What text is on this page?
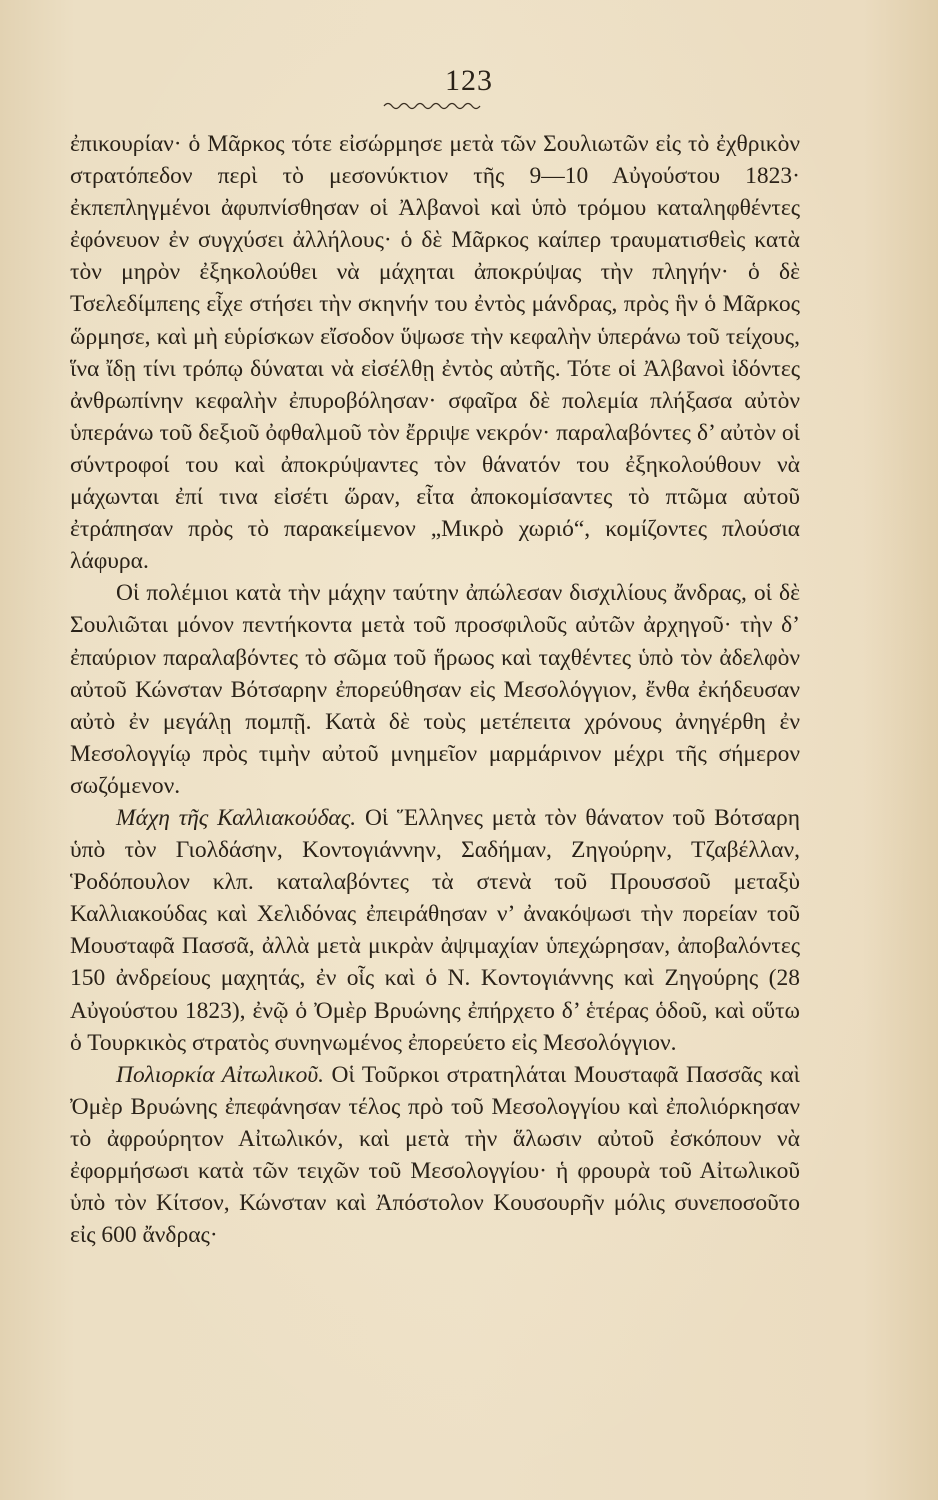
123

ἐπικουρίαν· ὁ Μᾶρκος τότε εἰσώρμησε μετὰ τῶν Σουλιωτῶν εἰς τὸ ἐχθρικὸν στρατόπεδον περὶ τὸ μεσονύκτιον τῆς 9—10 Αὐγούστου 1823· ἐκπεπληγμένοι ἀφυπνίσθησαν οἱ Ἀλβανοὶ καὶ ὑπὸ τρόμου καταληφθέντες ἐφόνευον ἐν συγχύσει ἀλλήλους· ὁ δὲ Μᾶρκος καίπερ τραυματισθεὶς κατὰ τὸν μηρὸν ἐξηκολούθει νὰ μάχηται ἀποκρύψας τὴν πληγήν· ὁ δὲ Τσελεδίμπεης εἶχε στήσει τὴν σκηνήν του ἐντὸς μάνδρας, πρὸς ἣν ὁ Μᾶρκος ὥρμησε, καὶ μὴ εὑρίσκων εἴσοδον ὕψωσε τὴν κεφαλὴν ὑπεράνω τοῦ τείχους, ἵνα ἴδῃ τίνι τρόπῳ δύναται νὰ εἰσέλθῃ ἐντὸς αὐτῆς. Τότε οἱ Ἀλβανοὶ ἰδόντες ἀνθρωπίνην κεφαλὴν ἐπυροβόλησαν· σφαῖρα δὲ πολεμία πλήξασα αὐτὸν ὑπεράνω τοῦ δεξιοῦ ὀφθαλμοῦ τὸν ἔρριψε νεκρόν· παραλαβόντες δ’ αὐτὸν οἱ σύντροφοί του καὶ ἀποκρύψαντες τὸν θάνατόν του ἐξηκολούθουν νὰ μάχωνται ἐπί τινα εἰσέτι ὥραν, εἶτα ἀποκομίσαντες τὸ πτῶμα αὐτοῦ ἐτράπησαν πρὸς τὸ παρακείμενον „Μικρὸ χωριό“, κομίζοντες πλούσια λάφυρα.

Οἱ πολέμιοι κατὰ τὴν μάχην ταύτην ἀπώλεσαν δισχιλίους ἄνδρας, οἱ δὲ Σουλιῶται μόνον πεντήκοντα μετὰ τοῦ προσφιλοῦς αὐτῶν ἀρχηγοῦ· τὴν δ’ ἐπαύριον παραλαβόντες τὸ σῶμα τοῦ ἥρωος καὶ ταχθέντες ὑπὸ τὸν ἀδελφὸν αὐτοῦ Κώνσταν Βότσαρην ἐπορεύθησαν εἰς Μεσολόγγιον, ἔνθα ἐκήδευσαν αὐτὸ ἐν μεγάλῃ πομπῇ. Κατὰ δὲ τοὺς μετέπειτα χρόνους ἀνηγέρθη ἐν Μεσολογγίῳ πρὸς τιμὴν αὐτοῦ μνημεῖον μαρμάρινον μέχρι τῆς σήμερον σωζόμενον.

Μάχη τῆς Καλλιακούδας. Οἱ Ἕλληνες μετὰ τὸν θάνατον τοῦ Βότσαρη ὑπὸ τὸν Γιολδάσην, Κοντογιάννην, Σαδήμαν, Ζηγούρην, Τζαβέλλαν, Ῥοδόπουλον κλπ. καταλαβόντες τὰ στενὰ τοῦ Προυσσοῦ μεταξὺ Καλλιακούδας καὶ Χελιδόνας ἐπειράθησαν ν’ ἀνακόψωσι τὴν πορείαν τοῦ Μουσταφᾶ Πασσᾶ, ἀλλὰ μετὰ μικρὰν ἀψιμαχίαν ὑπεχώρησαν, ἀποβαλόντες 150 ἀνδρείους μαχητάς, ἐν οἷς καὶ ὁ Ν. Κοντογιάννης καὶ Ζηγούρης (28 Αὐγούστου 1823), ἐνῷ ὁ Ὀμὲρ Βρυώνης ἐπήρχετο δ’ ἑτέρας ὁδοῦ, καὶ οὕτω ὁ Τουρκικὸς στρατὸς συνηνωμένος ἐπορεύετο εἰς Μεσολόγγιον.

Πολιορκία Αἰτωλικοῦ. Οἱ Τοῦρκοι στρατηλάται Μουσταφᾶ Πασσᾶς καὶ Ὀμὲρ Βρυώνης ἐπεφάνησαν τέλος πρὸ τοῦ Μεσολογγίου καὶ ἐπολιόρκησαν τὸ ἀφρούρητον Αἰτωλικόν, καὶ μετὰ τὴν ἅλωσιν αὐτοῦ ἐσκόπουν νὰ ἐφορμήσωσι κατὰ τῶν τειχῶν τοῦ Μεσολογγίου· ἡ φρουρὰ τοῦ Αἰτωλικοῦ ὑπὸ τὸν Κίτσον, Κώνσταν καὶ Ἀπόστολον Κουσουρῆν μόλις συνεποσοῦτο εἰς 600 ἄνδρας·
